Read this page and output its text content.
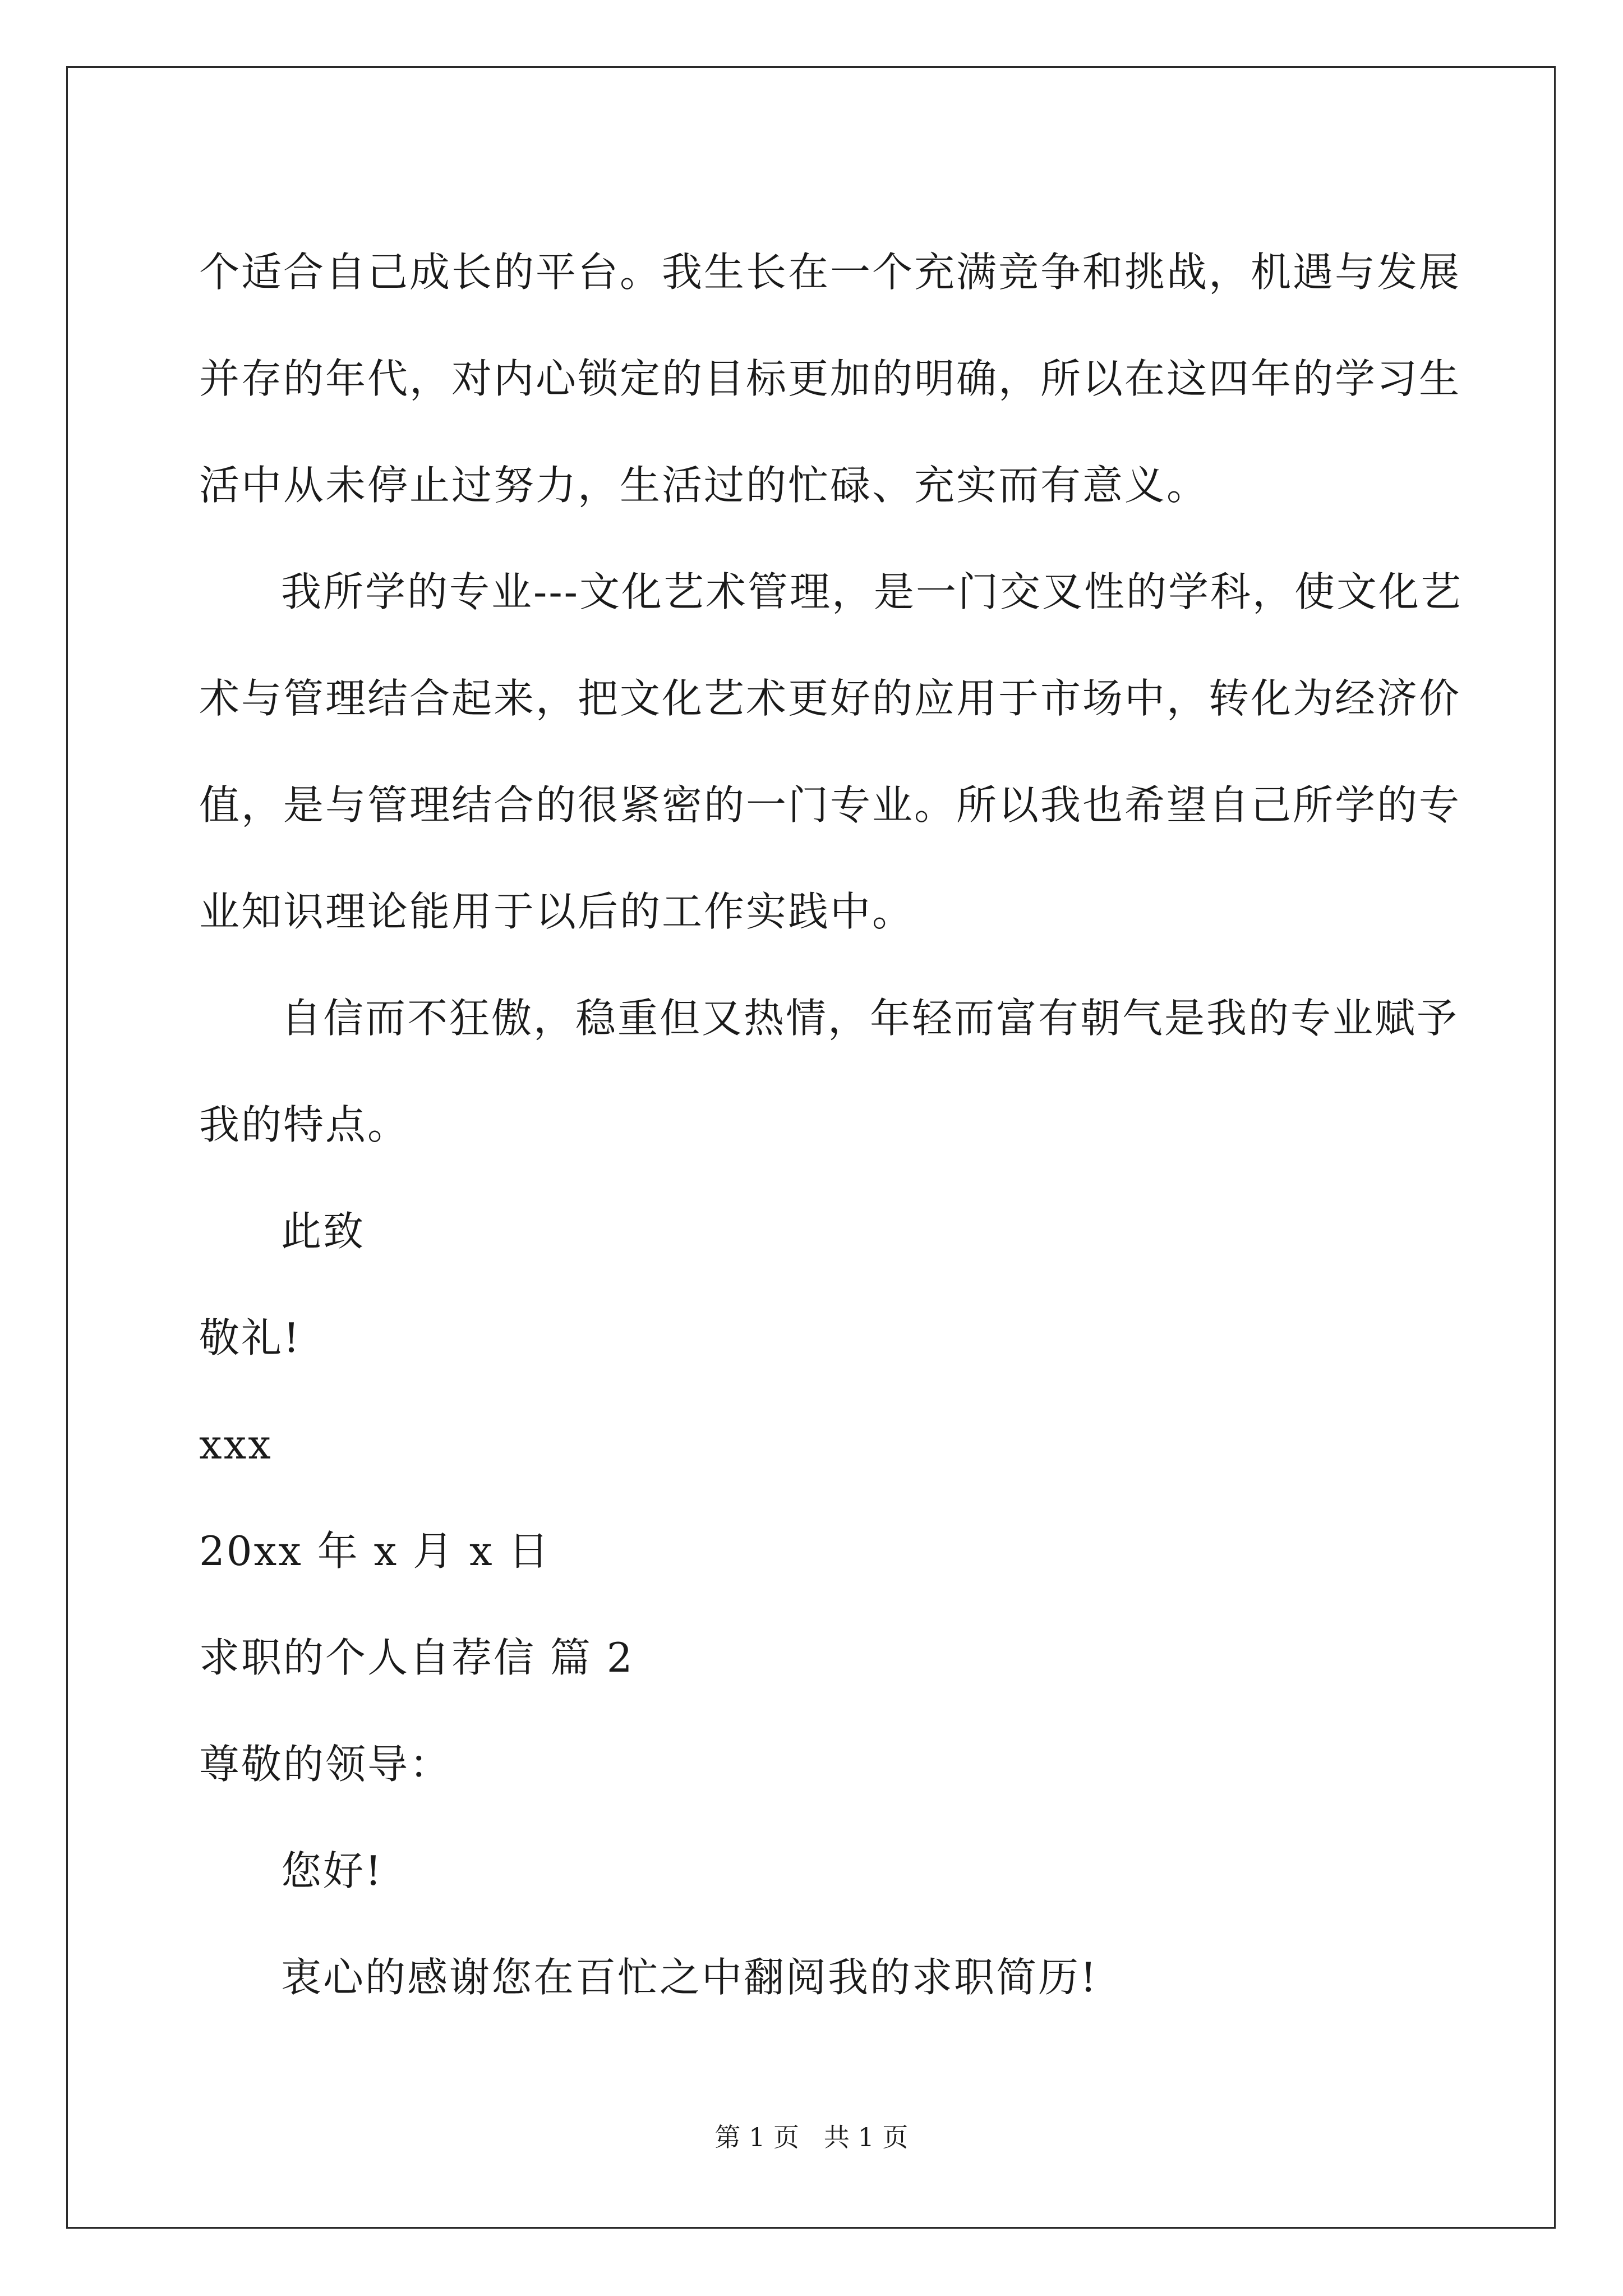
个适合自己成长的平台。我生长在一个充满竞争和挑战，机遇与发展
并存的年代，对内心锁定的目标更加的明确，所以在这四年的学习生
活中从未停止过努力，生活过的忙碌、充实而有意义。
我所学的专业---文化艺术管理，是一门交叉性的学科，使文化艺
术与管理结合起来，把文化艺术更好的应用于市场中，转化为经济价
值，是与管理结合的很紧密的一门专业。所以我也希望自己所学的专
业知识理论能用于以后的工作实践中。
自信而不狂傲，稳重但又热情，年轻而富有朝气是我的专业赋予
我的特点。
此致
敬礼!
xxx
20xx 年 x 月 x 日
求职的个人自荐信 篇 2
尊敬的领导：
您好!
衷心的感谢您在百忙之中翻阅我的求职简历!
第 1 页   共 1 页
